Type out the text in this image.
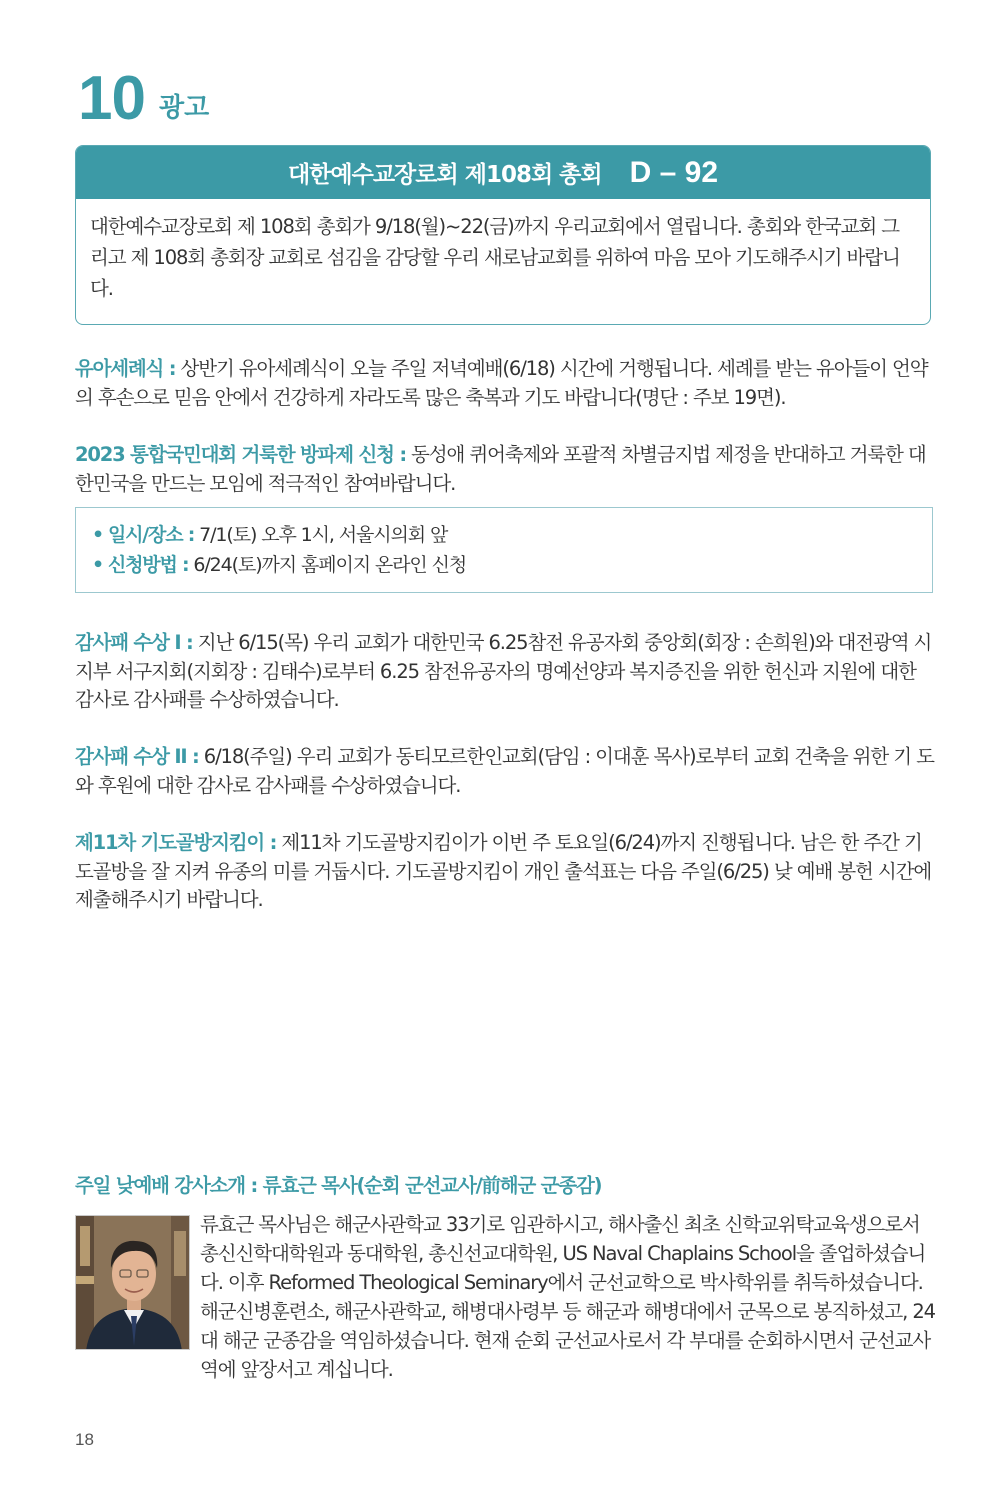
10 광고
대한예수교장로회 제108회 총회 D – 92
대한예수교장로회 제 108회 총회가 9/18(월)~22(금)까지 우리교회에서 열립니다. 총회와 한국교회 그리고 제 108회 총회장 교회로 섬김을 감당할 우리 새로남교회를 위하여 마음 모아 기도해주시기 바랍니다.
유아세례식 : 상반기 유아세례식이 오늘 주일 저녁예배(6/18) 시간에 거행됩니다. 세례를 받는 유아들이 언약의 후손으로 믿음 안에서 건강하게 자라도록 많은 축복과 기도 바랍니다(명단 : 주보 19면).
2023 통합국민대회 거룩한 방파제 신청 : 동성애 퀴어축제와 포괄적 차별금지법 제정을 반대하고 거룩한 대한민국을 만드는 모임에 적극적인 참여바랍니다.
• 일시/장소 : 7/1(토) 오후 1시, 서울시의회 앞
• 신청방법 : 6/24(토)까지 홈페이지 온라인 신청
감사패 수상 I : 지난 6/15(목) 우리 교회가 대한민국 6.25참전 유공자회 중앙회(회장 : 손희원)와 대전광역 시지부 서구지회(지회장 : 김태수)로부터 6.25 참전유공자의 명예선양과 복지증진을 위한 헌신과 지원에 대한 감사로 감사패를 수상하였습니다.
감사패 수상 II : 6/18(주일) 우리 교회가 동티모르한인교회(담임 : 이대훈 목사)로부터 교회 건축을 위한 기 도와 후원에 대한 감사로 감사패를 수상하였습니다.
제11차 기도골방지킴이 : 제11차 기도골방지킴이가 이번 주 토요일(6/24)까지 진행됩니다. 남은 한 주간 기도골방을 잘 지켜 유종의 미를 거둡시다. 기도골방지킴이 개인 출석표는 다음 주일(6/25) 낮 예배 봉헌 시간에 제출해주시기 바랍니다.
주일 낮예배 강사소개 : 류효근 목사(순회 군선교사/前해군 군종감)
류효근 목사님은 해군사관학교 33기로 임관하시고, 해사출신 최초 신학교위탁교육생으로서 총신신학대학원과 동대학원, 총신선교대학원, US Naval Chaplains School을 졸업하셨습니다. 이후 Reformed Theological Seminary에서 군선교학으로 박사학위를 취득하셨습니다. 해군신병훈련소, 해군사관학교, 해병대사령부 등 해군과 해병대에서 군목으로 봉직하셨고, 24대 해군 군종감을 역임하셨습니다. 현재 순회 군선교사로서 각 부대를 순회하시면서 군선교사역에 앞장서고 계십니다.
18
